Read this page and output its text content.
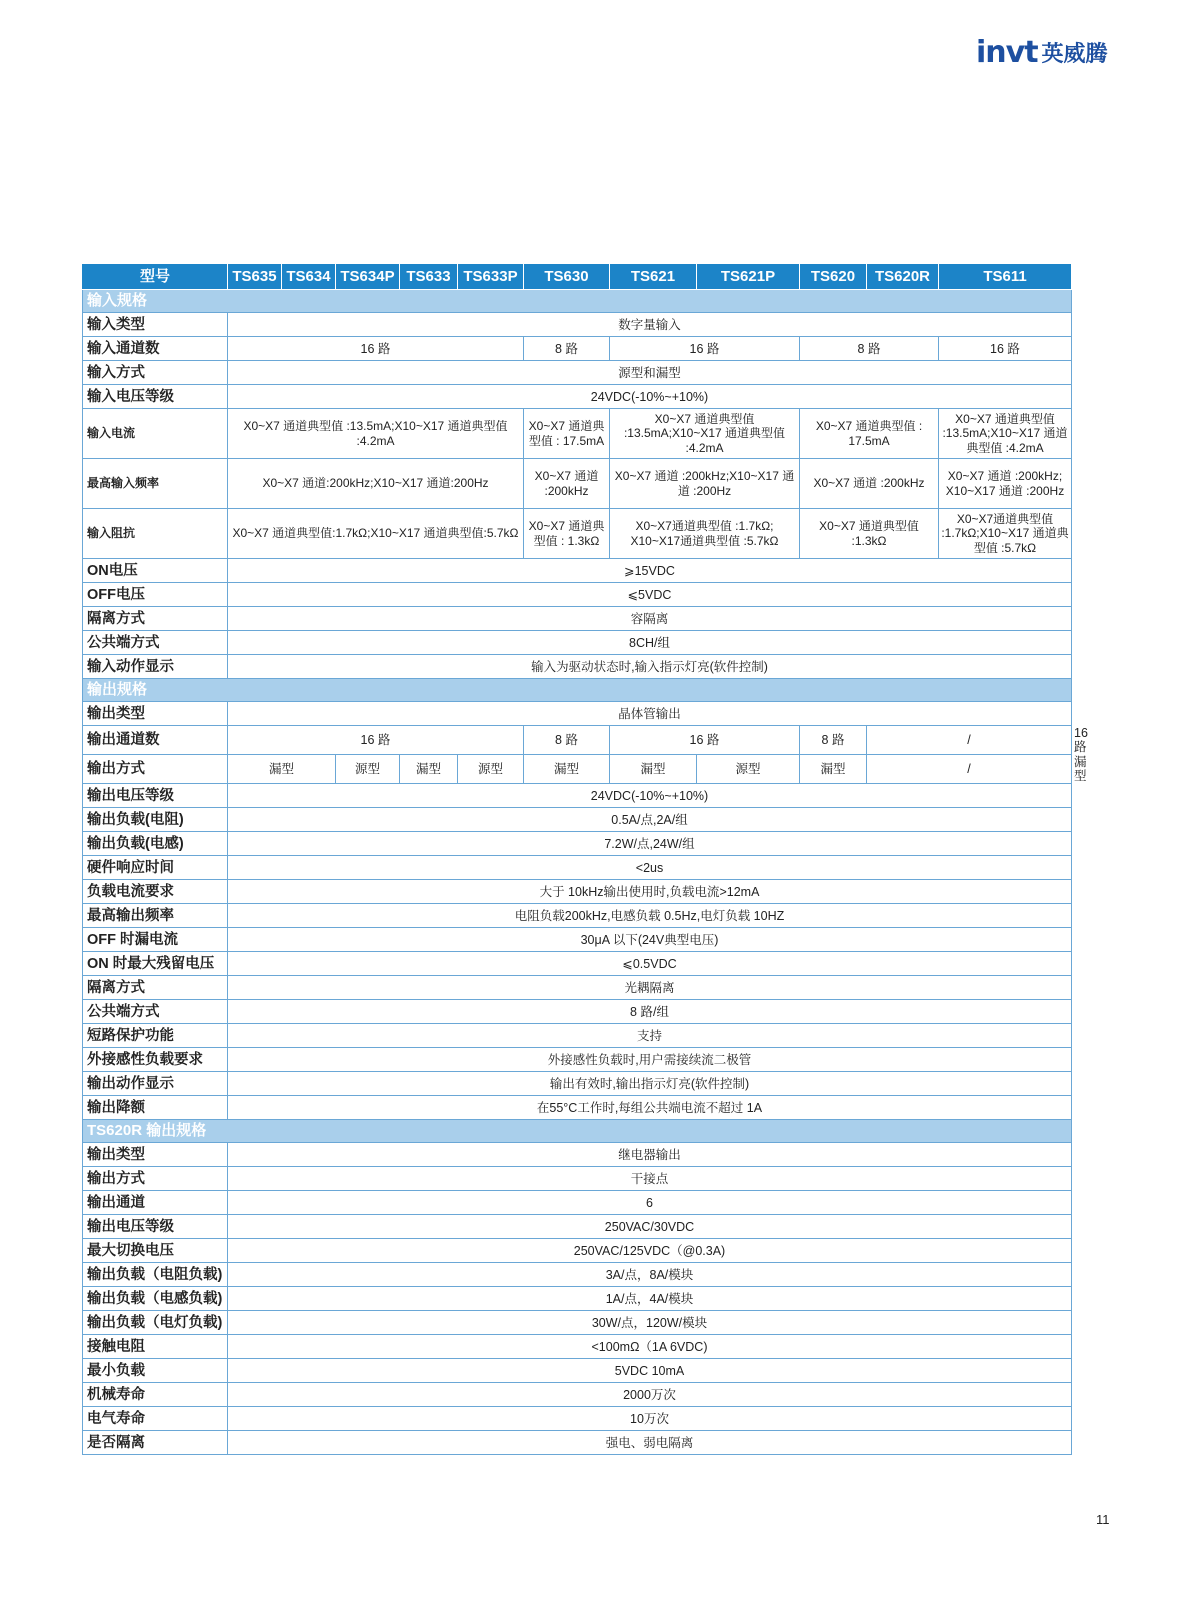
invt 英威腾
型号	TS635	TS634	TS634P	TS633	TS633P	TS630	TS621	TS621P	TS620	TS620R	TS611	
输入规格												
输入类型	数字量输入											
输入通道数	16 路					8 路	16 路		8 路		16 路	
输入方式	源型和漏型											
输入电压等级	24VDC(-10%~+10%)											
输入电流	X0~X7 通道典型值 :13.5mA;X10~X17 通道典型值 :4.2mA					X0~X7 通道典型值 : 17.5mA	X0~X7 通道典型值 :13.5mA;X10~X17 通道典型值 :4.2mA		X0~X7 通道典型值 : 17.5mA		X0~X7 通道典型值 :13.5mA;X10~X17 通道典型值 :4.2mA	
最高输入频率	X0~X7 通道:200kHz;X10~X17 通道:200Hz					X0~X7 通道 :200kHz	X0~X7 通道 :200kHz;X10~X17 通道 :200Hz		X0~X7 通道 :200kHz		X0~X7 通道 :200kHz; X10~X17 通道 :200Hz	
输入阻抗	X0~X7 通道典型值:1.7kΩ;X10~X17 通道典型值:5.7kΩ					X0~X7 通道典型值 : 1.3kΩ	X0~X7通道典型值 :1.7kΩ; X10~X17通道典型值 :5.7kΩ		X0~X7 通道典型值 :1.3kΩ		X0~X7通道典型值 :1.7kΩ;X10~X17 通道典型值 :5.7kΩ	
ON电压	⩾15VDC											
OFF电压	⩽5VDC											
隔离方式	容隔离											
公共端方式	8CH/组											
输入动作显示	输入为驱动状态时,输入指示灯亮(软件控制)											
输出规格												
输出类型	晶体管输出											
输出通道数	16 路					8 路	16 路		8 路	/		16 路
输出方式	漏型		源型	漏型	源型	漏型	漏型	源型	漏型	/		漏型
输出电压等级	24VDC(-10%~+10%)											
输出负载(电阻)	0.5A/点,2A/组											
输出负载(电感)	7.2W/点,24W/组											
硬件响应时间	<2us											
负载电流要求	大于 10kHz输出使用时,负载电流>12mA											
最高输出频率	电阻负载200kHz,电感负载 0.5Hz,电灯负载 10HZ											
OFF 时漏电流	30μA 以下(24V典型电压)											
ON 时最大残留电压	⩽0.5VDC											
隔离方式	光耦隔离											
公共端方式	8 路/组											
短路保护功能	支持											
外接感性负载要求	外接感性负载时,用户需接续流二极管											
输出动作显示	输出有效时,输出指示灯亮(软件控制)											
输出降额	在55°C工作时,每组公共端电流不超过 1A											
TS620R 输出规格												
输出类型	继电器输出											
输出方式	干接点											
输出通道	6											
输出电压等级	250VAC/30VDC											
最大切换电压	250VAC/125VDC（@0.3A)											
输出负载（电阻负载)	3A/点，8A/模块											
输出负载（电感负载)	1A/点，4A/模块											
输出负载（电灯负载)	30W/点，120W/模块											
接触电阻	<100mΩ（1A 6VDC)											
最小负载	5VDC 10mA											
机械寿命	2000万次											
电气寿命	10万次											
是否隔离	强电、弱电隔离											
11
